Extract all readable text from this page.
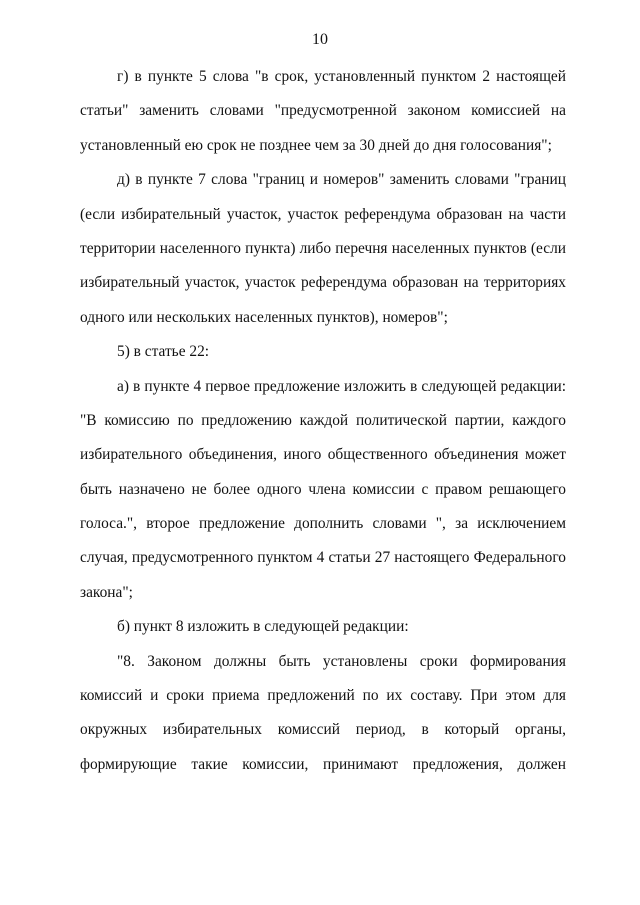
10
г) в пункте 5 слова "в срок, установленный пунктом 2 настоящей
статьи" заменить словами "предусмотренной законом комиссией на
установленный ею срок не позднее чем за 30 дней до дня голосования";
д) в пункте 7 слова "границ и номеров" заменить словами "границ
(если избирательный участок, участок референдума образован на части
территории населенного пункта) либо перечня населенных пунктов (если
избирательный участок, участок референдума образован на территориях
одного или нескольких населенных пунктов), номеров";
5) в статье 22:
а) в пункте 4 первое предложение изложить в следующей редакции:
"В комиссию по предложению каждой политической партии, каждого
избирательного объединения, иного общественного объединения может
быть назначено не более одного члена комиссии с правом решающего
голоса.", второе предложение дополнить словами ", за исключением
случая, предусмотренного пунктом 4 статьи 27 настоящего Федерального
закона";
б) пункт 8 изложить в следующей редакции:
"8. Законом должны быть установлены сроки формирования
комиссий и сроки приема предложений по их составу. При этом для
окружных избирательных комиссий период, в который органы,
формирующие такие комиссии, принимают предложения, должен
